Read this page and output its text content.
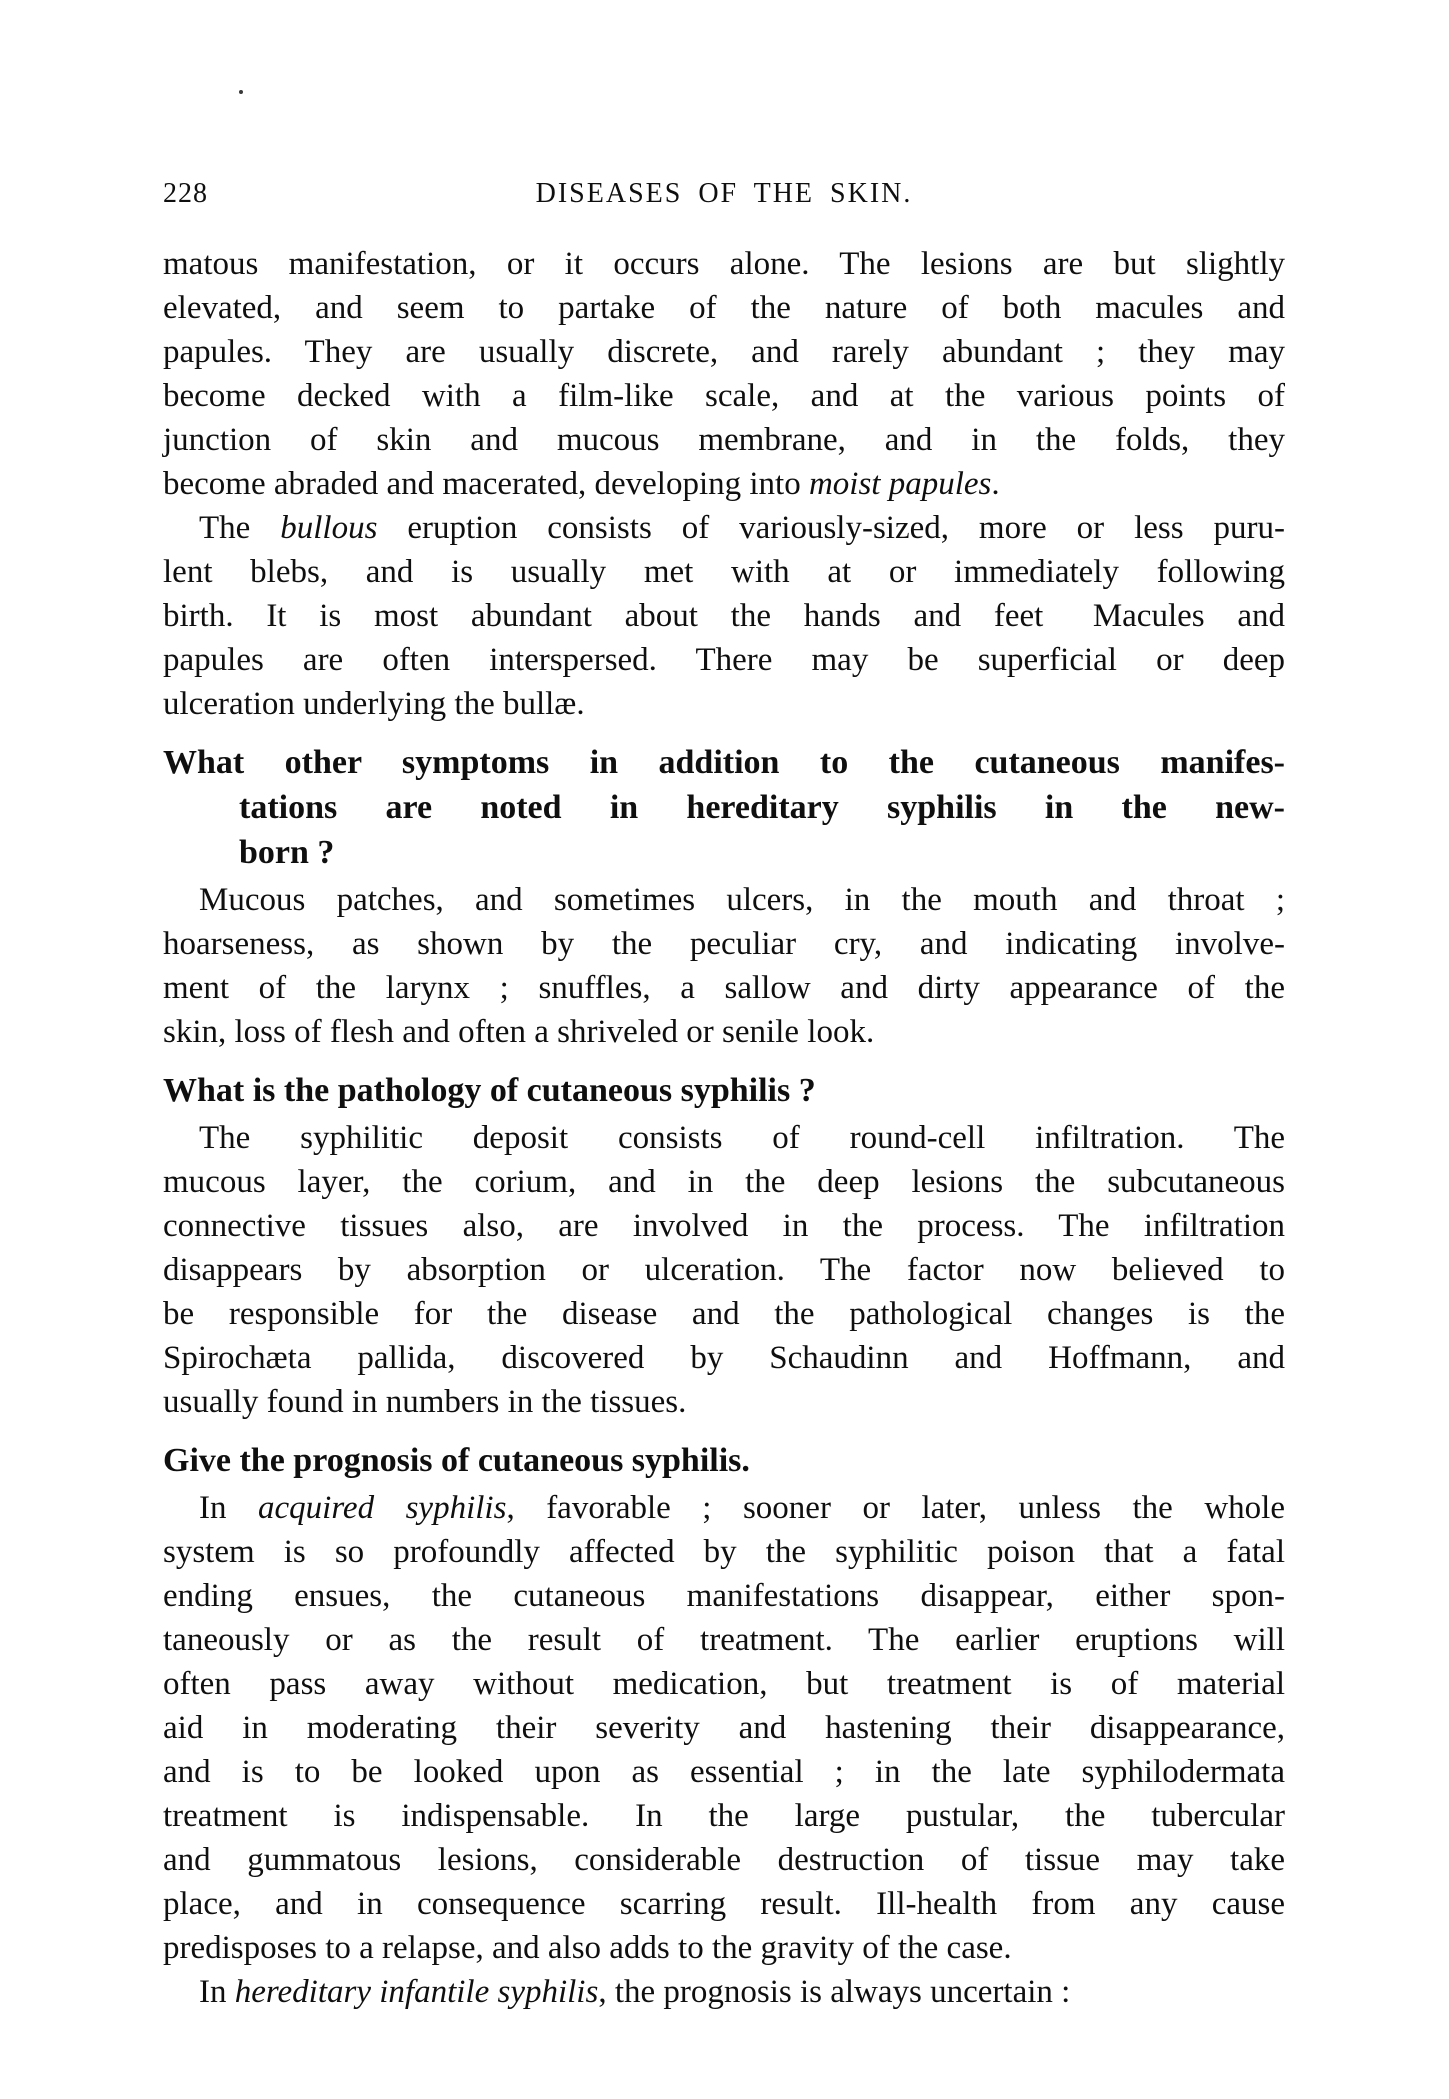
228	DISEASES OF THE SKIN.
matous manifestation, or it occurs alone. The lesions are but slightly
elevated, and seem to partake of the nature of both macules and
papules. They are usually discrete, and rarely abundant ; they may
become decked with a film-like scale, and at the various points of
junction of skin and mucous membrane, and in the folds, they
become abraded and macerated, developing into moist papules.
The bullous eruption consists of variously-sized, more or less puru-
lent blebs, and is usually met with at or immediately following
birth. It is most abundant about the hands and feet  Macules and
papules are often interspersed. There may be superficial or deep
ulceration underlying the bullæ.
What other symptoms in addition to the cutaneous manifes-
tations are noted in hereditary syphilis in the new-
born ?
Mucous patches, and sometimes ulcers, in the mouth and throat ;
hoarseness, as shown by the peculiar cry, and indicating involve-
ment of the larynx ; snuffles, a sallow and dirty appearance of the
skin, loss of flesh and often a shriveled or senile look.
What is the pathology of cutaneous syphilis ?
The syphilitic deposit consists of round-cell infiltration. The
mucous layer, the corium, and in the deep lesions the subcutaneous
connective tissues also, are involved in the process. The infiltration
disappears by absorption or ulceration. The factor now believed to
be responsible for the disease and the pathological changes is the
Spirochæta pallida, discovered by Schaudinn and Hoffmann, and
usually found in numbers in the tissues.
Give the prognosis of cutaneous syphilis.
In acquired syphilis, favorable ; sooner or later, unless the whole
system is so profoundly affected by the syphilitic poison that a fatal
ending ensues, the cutaneous manifestations disappear, either spon-
taneously or as the result of treatment. The earlier eruptions will
often pass away without medication, but treatment is of material
aid in moderating their severity and hastening their disappearance,
and is to be looked upon as essential ; in the late syphilodermata
treatment is indispensable. In the large pustular, the tubercular
and gummatous lesions, considerable destruction of tissue may take
place, and in consequence scarring result. Ill-health from any cause
predisposes to a relapse, and also adds to the gravity of the case.
In hereditary infantile syphilis, the prognosis is always uncertain :
